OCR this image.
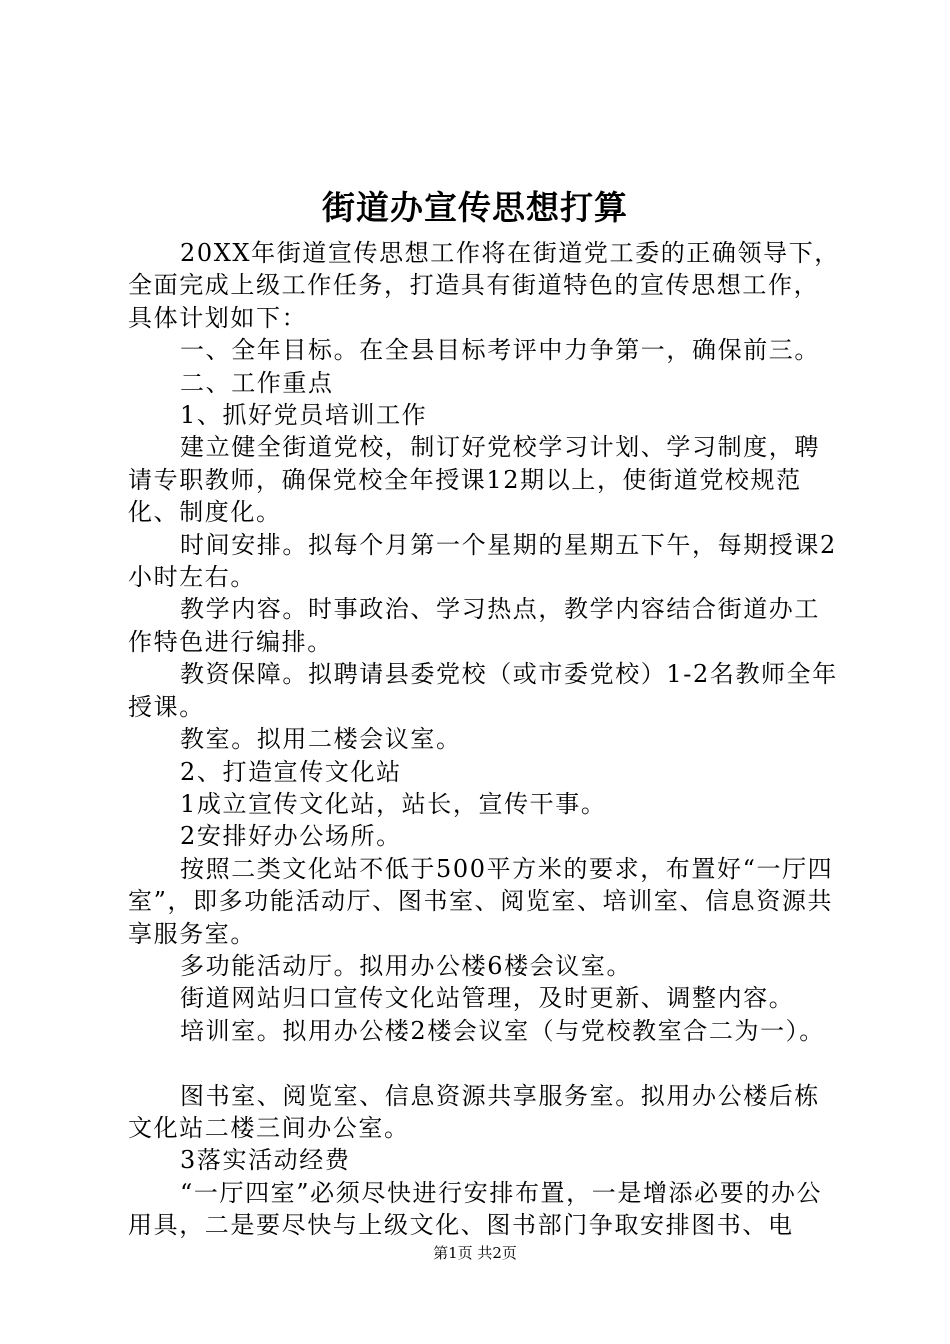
街道办宣传思想打算

20XX年街道宣传思想工作将在街道党工委的正确领导下，全面完成上级工作任务，打造具有街道特色的宣传思想工作，具体计划如下：

一、全年目标。在全县目标考评中力争第一，确保前三。

二、工作重点

1、抓好党员培训工作

建立健全街道党校，制订好党校学习计划、学习制度，聘请专职教师，确保党校全年授课12期以上，使街道党校规范化、制度化。

时间安排。拟每个月第一个星期的星期五下午，每期授课2小时左右。

教学内容。时事政治、学习热点，教学内容结合街道办工作特色进行编排。

教资保障。拟聘请县委党校（或市委党校）1-2名教师全年授课。

教室。拟用二楼会议室。

2、打造宣传文化站

1成立宣传文化站，站长，宣传干事。

2安排好办公场所。

按照二类文化站不低于500平方米的要求，布置好“一厅四室”，即多功能活动厅、图书室、阅览室、培训室、信息资源共享服务室。

多功能活动厅。拟用办公楼6楼会议室。

街道网站归口宣传文化站管理，及时更新、调整内容。

培训室。拟用办公楼2楼会议室（与党校教室合二为一）。

图书室、阅览室、信息资源共享服务室。拟用办公楼后栋文化站二楼三间办公室。

3落实活动经费

“一厅四室”必须尽快进行安排布置，一是增添必要的办公用具，二是要尽快与上级文化、图书部门争取安排图书、电

第1页 共2页
